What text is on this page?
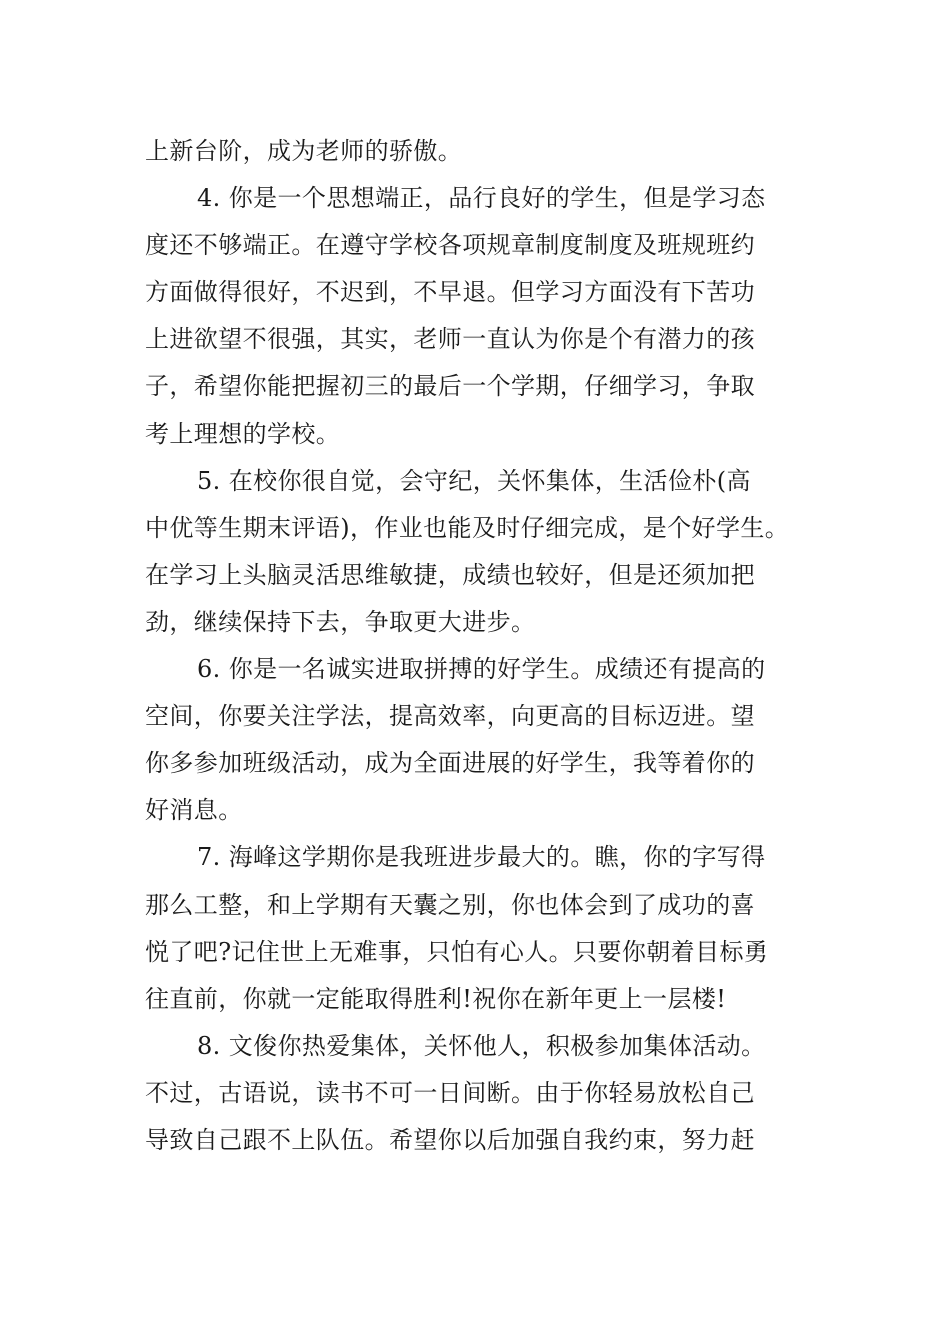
上新台阶，成为老师的骄傲。
4. 你是一个思想端正，品行良好的学生，但是学习态
度还不够端正。在遵守学校各项规章制度制度及班规班约
方面做得很好，不迟到，不早退。但学习方面没有下苦功
上进欲望不很强，其实，老师一直认为你是个有潜力的孩
子，希望你能把握初三的最后一个学期，仔细学习，争取
考上理想的学校。
5. 在校你很自觉，会守纪，关怀集体，生活俭朴(高
中优等生期末评语)，作业也能及时仔细完成，是个好学生。
在学习上头脑灵活思维敏捷，成绩也较好，但是还须加把
劲，继续保持下去，争取更大进步。
6. 你是一名诚实进取拼搏的好学生。成绩还有提高的
空间，你要关注学法，提高效率，向更高的目标迈进。望
你多参加班级活动，成为全面进展的好学生，我等着你的
好消息。
7. 海峰这学期你是我班进步最大的。瞧，你的字写得
那么工整，和上学期有天囊之别，你也体会到了成功的喜
悦了吧?记住世上无难事，只怕有心人。只要你朝着目标勇
往直前，你就一定能取得胜利!祝你在新年更上一层楼!
8. 文俊你热爱集体，关怀他人，积极参加集体活动。
不过，古语说，读书不可一日间断。由于你轻易放松自己
导致自己跟不上队伍。希望你以后加强自我约束，努力赶
